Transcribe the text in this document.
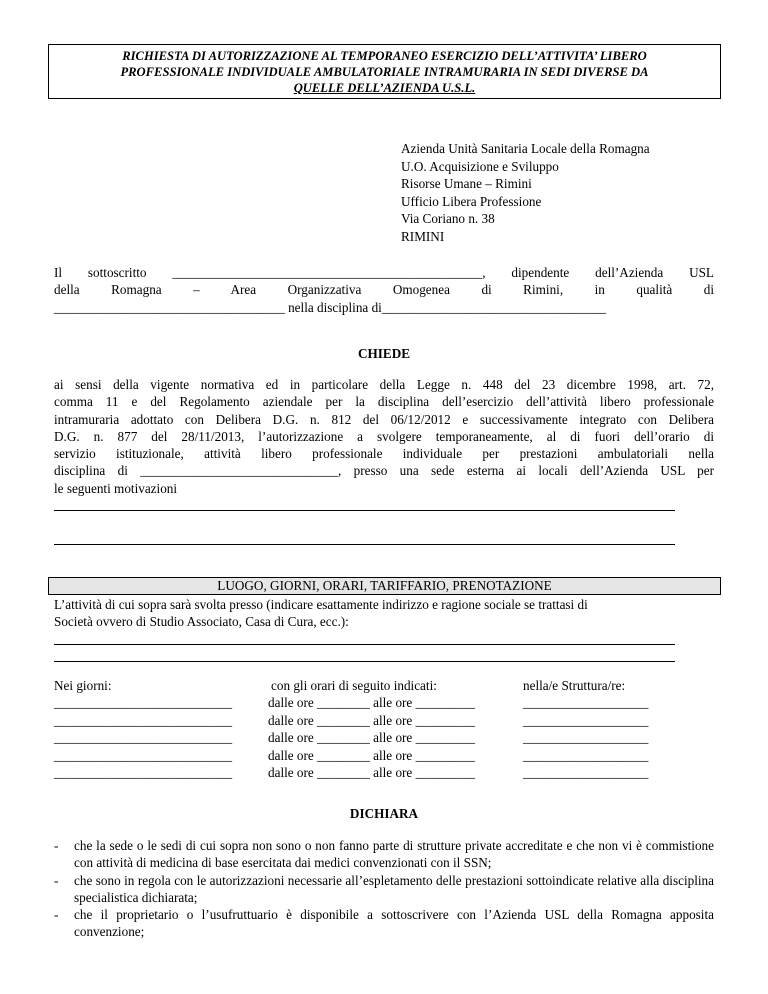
RICHIESTA DI AUTORIZZAZIONE AL TEMPORANEO ESERCIZIO DELL’ATTIVITA’ LIBERO
PROFESSIONALE INDIVIDUALE AMBULATORIALE INTRAMURARIA IN SEDI DIVERSE DA
QUELLE DELL’AZIENDA U.S.L.
Azienda Unità Sanitaria Locale della Romagna
U.O. Acquisizione e Sviluppo
Risorse Umane – Rimini
Ufficio Libera Professione
Via Coriano n. 38
RIMINI
Il sottoscritto _______________________________________________, dipendente dell’Azienda USL
della Romagna – Area Organizzativa Omogenea di Rimini, in qualità di
___________________________________ nella disciplina di__________________________________
CHIEDE
ai sensi della vigente normativa ed in particolare della Legge n. 448 del 23 dicembre 1998, art. 72,
comma 11 e del Regolamento aziendale per la disciplina dell’esercizio dell’attività libero professionale
intramuraria adottato con Delibera D.G. n. 812 del 06/12/2012 e successivamente integrato con Delibera
D.G. n. 877 del 28/11/2013, l’autorizzazione a svolgere temporaneamente, al di fuori dell’orario di
servizio istituzionale, attività libero professionale individuale per prestazioni ambulatoriali nella
disciplina di ______________________________, presso una sede esterna ai locali dell’Azienda USL per
le seguenti motivazioni
LUOGO, GIORNI, ORARI, TARIFFARIO, PRENOTAZIONE
L’attività di cui sopra sarà svolta presso (indicare esattamente indirizzo e ragione sociale se trattasi di
Società ovvero di Studio Associato, Casa di Cura, ecc.):
Nei giorni:
___________________________
___________________________
___________________________
___________________________
___________________________
con gli orari di seguito indicati:
dalle ore ________ alle ore _________
dalle ore ________ alle ore _________
dalle ore ________ alle ore _________
dalle ore ________ alle ore _________
dalle ore ________ alle ore _________
nella/e Struttura/re:
___________________
___________________
___________________
___________________
___________________
DICHIARA
- che la sede o le sedi di cui sopra non sono o non fanno parte di strutture private accreditate e che non vi è commistione con attività di medicina di base esercitata dai medici convenzionati con il SSN;
- che sono in regola con le autorizzazioni necessarie all’espletamento delle prestazioni sottoindicate relative alla disciplina specialistica dichiarata;
- che il proprietario o l’usufruttuario è disponibile a sottoscrivere con l’Azienda USL della Romagna apposita convenzione;
